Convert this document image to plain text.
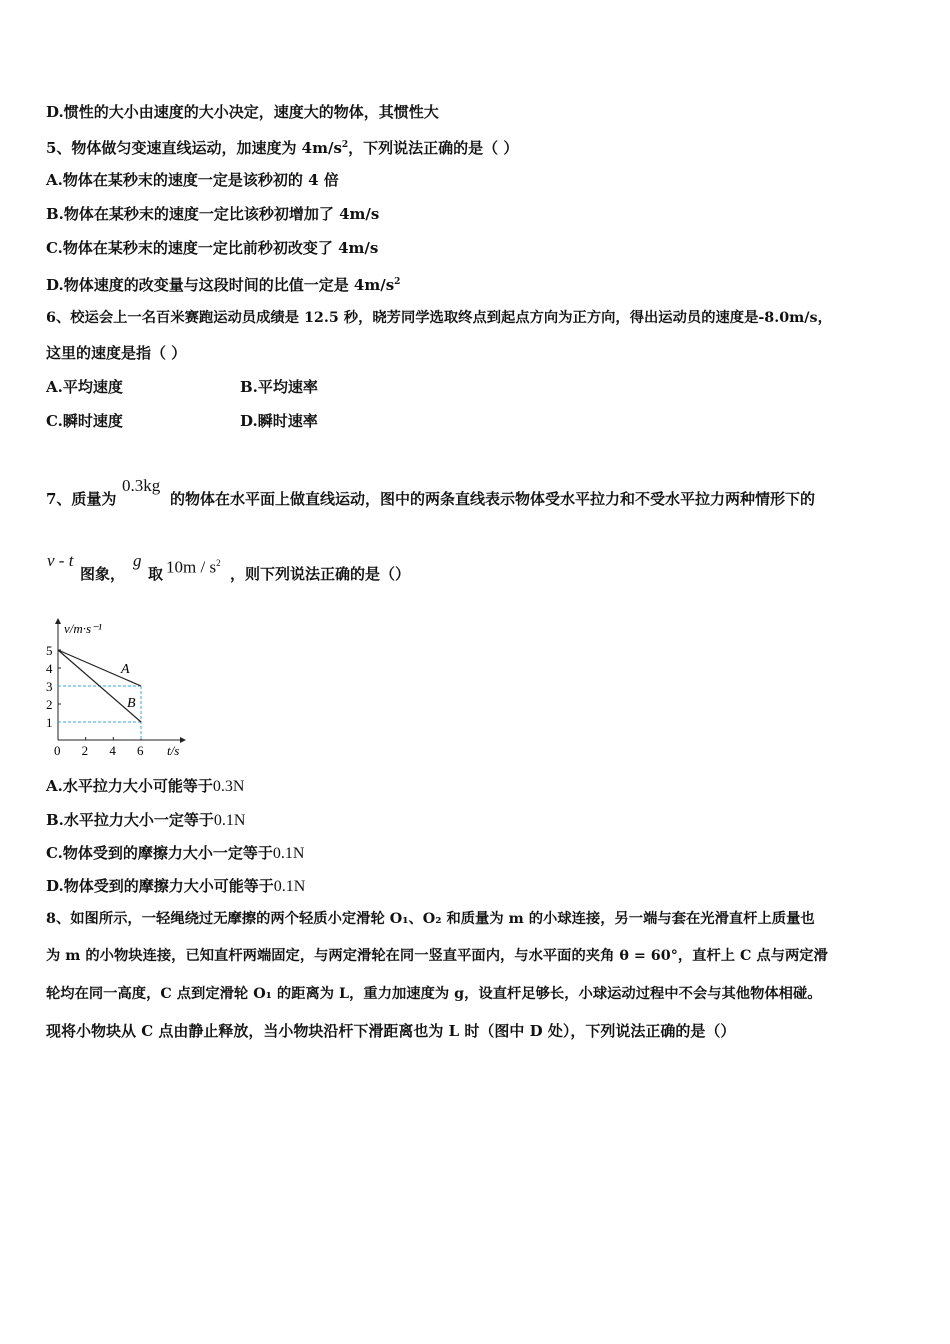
D.惯性的大小由速度的大小决定，速度大的物体，其惯性大
5、物体做匀变速直线运动，加速度为 $4m/s^2$，下列说法正确的是（ ）
A.物体在某秒末的速度一定是该秒初的 4 倍
B.物体在某秒末的速度一定比该秒初增加了 4m/s
C.物体在某秒末的速度一定比前秒初改变了 4m/s
D.物体速度的改变量与这段时间的比值一定是 $4m/s^2$
6、校运会上一名百米赛跑运动员成绩是 12.5 秒，晓芳同学选取终点到起点方向为正方向，得出运动员的速度是-8.0m/s，
这里的速度是指（ ）
A.平均速度	B.平均速率
C.瞬时速度	D.瞬时速率
7、质量为
0.3kg
的物体在水平面上做直线运动，图中的两条直线表示物体受水平拉力和不受水平拉力两种情形下的
v - t
图象，
g
取 $10m / s^2$
，则下列说法正确的是（）
v/m·s⁻¹
t/s
0 2 4 6
1
2
3
4
5
A
B
A.水平拉力大小可能等于0.3N
B.水平拉力大小一定等于0.1N
C.物体受到的摩擦力大小一定等于0.1N
D.物体受到的摩擦力大小可能等于0.1N
8、如图所示，一轻绳绕过无摩擦的两个轻质小定滑轮 O₁、O₂ 和质量为 m 的小球连接，另一端与套在光滑直杆上质量也
为 m 的小物块连接，已知直杆两端固定，与两定滑轮在同一竖直平面内，与水平面的夹角 θ = 60°，直杆上 C 点与两定滑
轮均在同一高度，C 点到定滑轮 O₁ 的距离为 L，重力加速度为 g，设直杆足够长，小球运动过程中不会与其他物体相碰。
现将小物块从 C 点由静止释放，当小物块沿杆下滑距离也为 L 时（图中 D 处），下列说法正确的是（）
